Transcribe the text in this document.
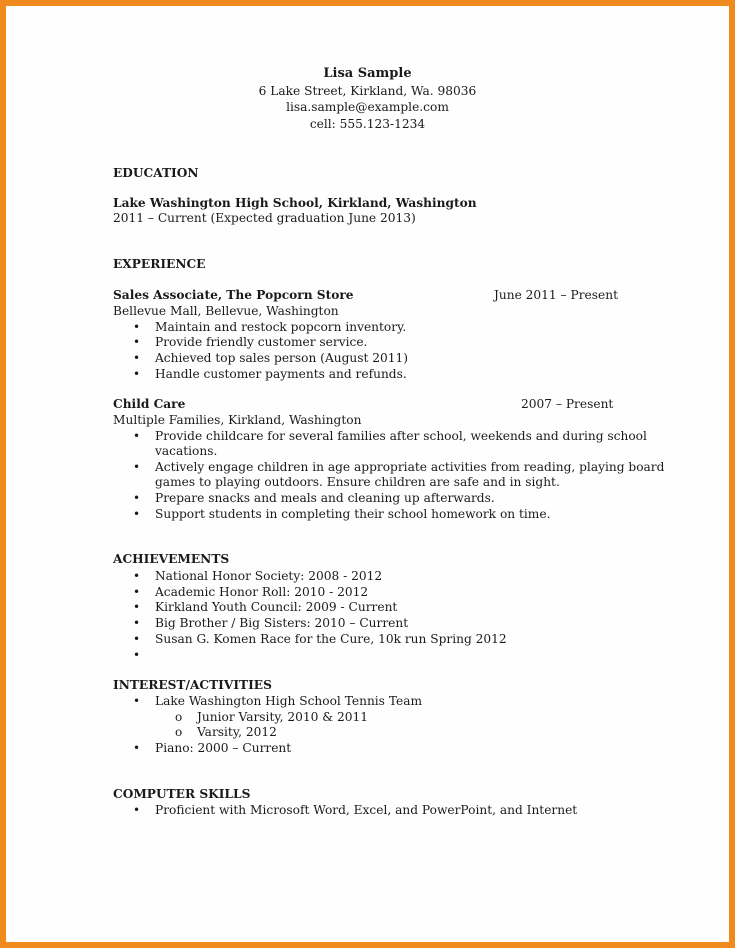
Lisa Sample
6 Lake Street, Kirkland, Wa. 98036
lisa.sample@example.com
cell: 555.123-1234
EDUCATION
Lake Washington High School, Kirkland, Washington
2011 – Current (Expected graduation June 2013)
EXPERIENCE
Sales Associate, The Popcorn Store	June 2011 – Present
Bellevue Mall, Bellevue, Washington
• Maintain and restock popcorn inventory.
• Provide friendly customer service.
• Achieved top sales person (August 2011)
• Handle customer payments and refunds.
Child Care	2007 – Present
Multiple Families, Kirkland, Washington
• Provide childcare for several families after school, weekends and during school
vacations.
• Actively engage children in age appropriate activities from reading, playing board
games to playing outdoors. Ensure children are safe and in sight.
• Prepare snacks and meals and cleaning up afterwards.
• Support students in completing their school homework on time.
ACHIEVEMENTS
• National Honor Society: 2008 - 2012
• Academic Honor Roll: 2010 - 2012
• Kirkland Youth Council: 2009 - Current
• Big Brother / Big Sisters: 2010 – Current
• Susan G. Komen Race for the Cure, 10k run Spring 2012
•
INTEREST/ACTIVITIES
• Lake Washington High School Tennis Team
o Junior Varsity, 2010 & 2011
o Varsity, 2012
• Piano: 2000 – Current
COMPUTER SKILLS
• Proficient with Microsoft Word, Excel, and PowerPoint, and Internet
